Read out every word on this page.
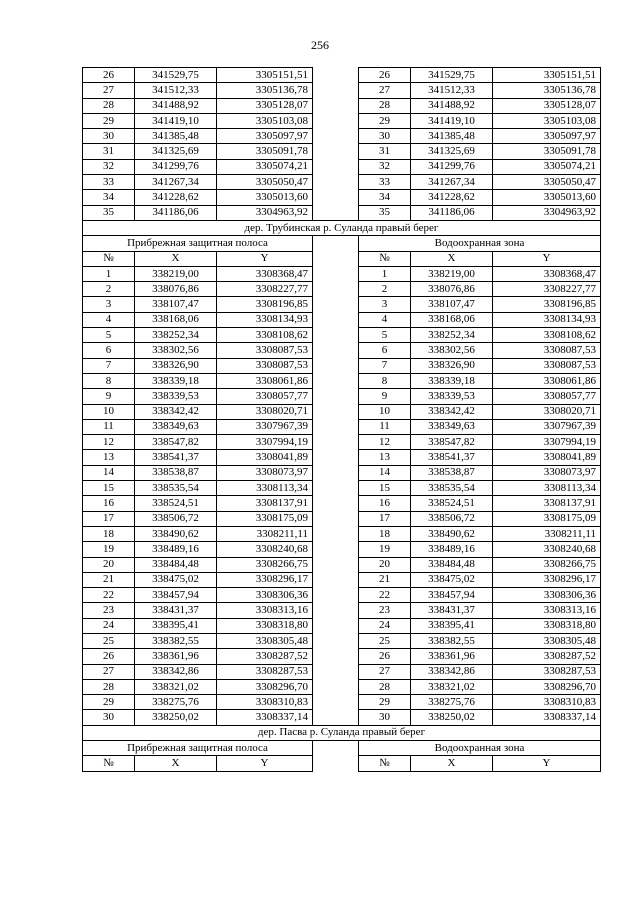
256
26	341529,75	3305151,51		26	341529,75	3305151,51
27	341512,33	3305136,78		27	341512,33	3305136,78
28	341488,92	3305128,07		28	341488,92	3305128,07
29	341419,10	3305103,08		29	341419,10	3305103,08
30	341385,48	3305097,97		30	341385,48	3305097,97
31	341325,69	3305091,78		31	341325,69	3305091,78
32	341299,76	3305074,21		32	341299,76	3305074,21
33	341267,34	3305050,47		33	341267,34	3305050,47
34	341228,62	3305013,60		34	341228,62	3305013,60
35	341186,06	3304963,92		35	341186,06	3304963,92
дер. Трубинская р. Суланда правый берег						
Прибрежная защитная полоса				Водоохранная зона		
№	X	Y		№	X	Y
1	338219,00	3308368,47		1	338219,00	3308368,47
2	338076,86	3308227,77		2	338076,86	3308227,77
3	338107,47	3308196,85		3	338107,47	3308196,85
4	338168,06	3308134,93		4	338168,06	3308134,93
5	338252,34	3308108,62		5	338252,34	3308108,62
6	338302,56	3308087,53		6	338302,56	3308087,53
7	338326,90	3308087,53		7	338326,90	3308087,53
8	338339,18	3308061,86		8	338339,18	3308061,86
9	338339,53	3308057,77		9	338339,53	3308057,77
10	338342,42	3308020,71		10	338342,42	3308020,71
11	338349,63	3307967,39		11	338349,63	3307967,39
12	338547,82	3307994,19		12	338547,82	3307994,19
13	338541,37	3308041,89		13	338541,37	3308041,89
14	338538,87	3308073,97		14	338538,87	3308073,97
15	338535,54	3308113,34		15	338535,54	3308113,34
16	338524,51	3308137,91		16	338524,51	3308137,91
17	338506,72	3308175,09		17	338506,72	3308175,09
18	338490,62	3308211,11		18	338490,62	3308211,11
19	338489,16	3308240,68		19	338489,16	3308240,68
20	338484,48	3308266,75		20	338484,48	3308266,75
21	338475,02	3308296,17		21	338475,02	3308296,17
22	338457,94	3308306,36		22	338457,94	3308306,36
23	338431,37	3308313,16		23	338431,37	3308313,16
24	338395,41	3308318,80		24	338395,41	3308318,80
25	338382,55	3308305,48		25	338382,55	3308305,48
26	338361,96	3308287,52		26	338361,96	3308287,52
27	338342,86	3308287,53		27	338342,86	3308287,53
28	338321,02	3308296,70		28	338321,02	3308296,70
29	338275,76	3308310,83		29	338275,76	3308310,83
30	338250,02	3308337,14		30	338250,02	3308337,14
дер. Пасва р. Суланда правый берег						
Прибрежная защитная полоса				Водоохранная зона		
№	X	Y		№	X	Y
